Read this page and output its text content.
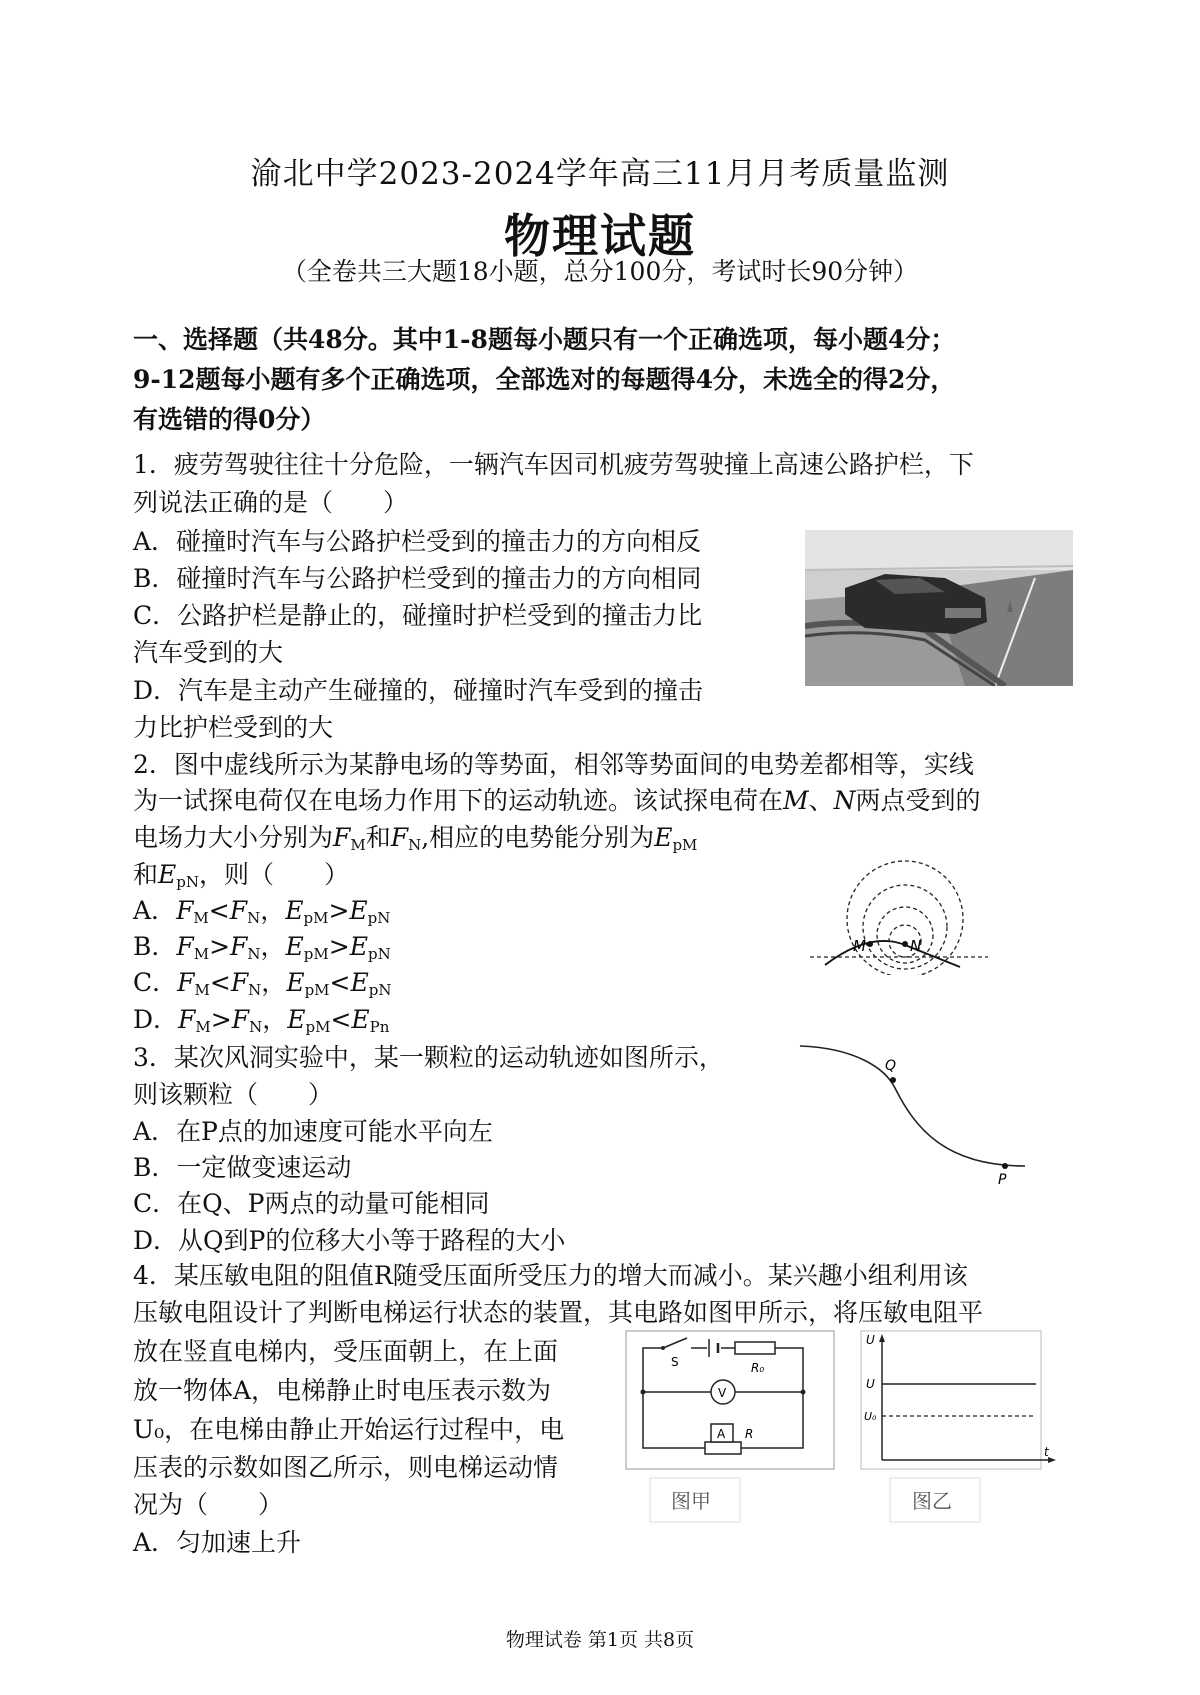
渝北中学2023-2024学年高三11月月考质量监测
物理试题
（全卷共三大题18小题，总分100分，考试时长90分钟）
一、选择题（共48分。其中1-8题每小题只有一个正确选项，每小题4分；
9-12题每小题有多个正确选项，全部选对的每题得4分，未选全的得2分，
有选错的得0分）
1．疲劳驾驶往往十分危险，一辆汽车因司机疲劳驾驶撞上高速公路护栏，下
列说法正确的是（　　）
A．碰撞时汽车与公路护栏受到的撞击力的方向相反
B．碰撞时汽车与公路护栏受到的撞击力的方向相同
C．公路护栏是静止的，碰撞时护栏受到的撞击力比
汽车受到的大
D．汽车是主动产生碰撞的，碰撞时汽车受到的撞击
力比护栏受到的大
2．图中虚线所示为某静电场的等势面，相邻等势面间的电势差都相等，实线
为一试探电荷仅在电场力作用下的运动轨迹。该试探电荷在M、N两点受到的
电场力大小分别为FM和FN,相应的电势能分别为EpM
和EpN，则（　　）
A．FM<FN，EpM>EpN
B．FM>FN，EpM>EpN
C．FM<FN，EpM<EpN
D．FM>FN，EpM<EPn
M	N
3．某次风洞实验中，某一颗粒的运动轨迹如图所示，
则该颗粒（　　）
A．在P点的加速度可能水平向左
B．一定做变速运动
C．在Q、P两点的动量可能相同
D．从Q到P的位移大小等于路程的大小
Q
P
4．某压敏电阻的阻值R随受压面所受压力的增大而减小。某兴趣小组利用该
压敏电阻设计了判断电梯运行状态的装置，其电路如图甲所示，将压敏电阻平
放在竖直电梯内，受压面朝上，在上面
放一物体A，电梯静止时电压表示数为
U₀，在电梯由静止开始运行过程中，电
压表的示数如图乙所示，则电梯运动情
况为（　　）
A．匀加速上升
S	R₀
V
A R
图甲
U
U
U₀
t
图乙
物理试卷 第1页 共8页
